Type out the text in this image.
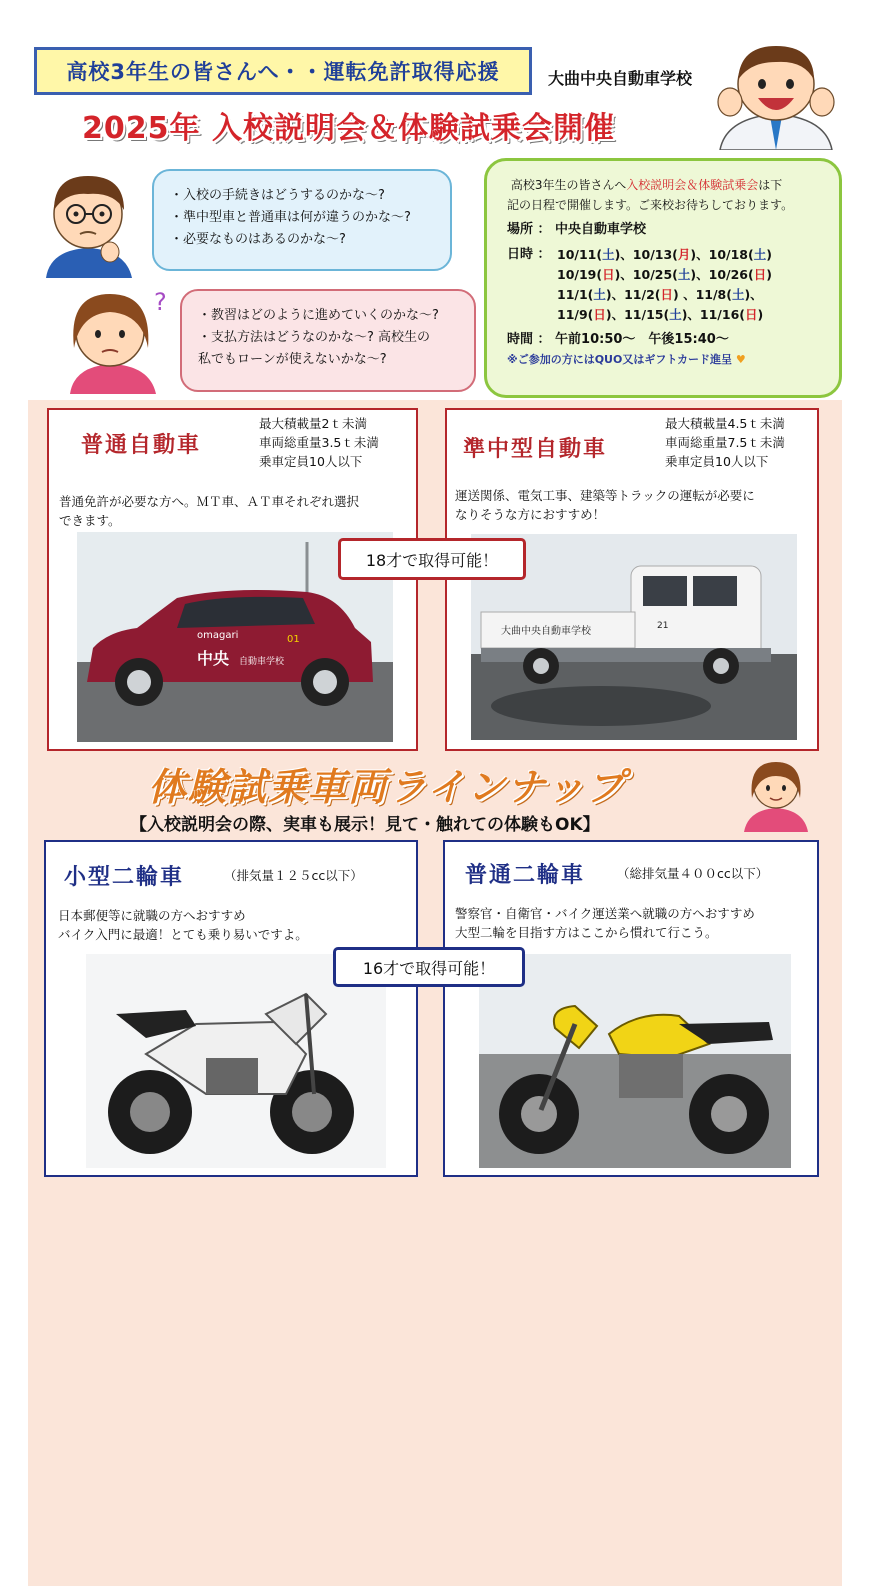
高校3年生の皆さんへ・・運転免許取得応援	大曲中央自動車学校
2025年 入校説明会＆体験試乗会開催
?
・入校の手続きはどうするのかな～?
・準中型車と普通車は何が違うのかな～?
・必要なものはあるのかな～?
・教習はどのように進めていくのかな～?
・支払方法はどうなのかな～? 高校生の
私でもローンが使えないかな～?
高校3年生の皆さんへ入校説明会＆体験試乗会は下
記の日程で開催します。ご来校お待ちしております。
場所 ： 中央自動車学校
日時 ： 10/11(土)、10/13(月)、10/18(土)
10/19(日)、10/25(土)、10/26(日)
11/1(土)、11/2(日) 、11/8(土)、
11/9(日)、11/15(土)、11/16(日)
時間 ： 午前10:50～　午後15:40～
※ご参加の方にはQUO又はギフトカード進呈 ♥
普通自動車
最大積載量2ｔ未満
車両総重量3.5ｔ未満
乗車定員10人以下
普通免許が必要な方へ。ＭＴ車、ＡＴ車それぞれ選択
できます。
omagari
中央 自動車学校
01
準中型自動車
最大積載量4.5ｔ未満
車両総重量7.5ｔ未満
乗車定員10人以下
運送関係、電気工事、建築等トラックの運転が必要に
なりそうな方におすすめ！
大曲中央自動車学校	21
18才で取得可能！
体験試乗車両ラインナップ
【入校説明会の際、実車も展示！見て・触れての体験もOK】
小型二輪車	（排気量１２５cc以下）
日本郵便等に就職の方へおすすめ
バイク入門に最適！とても乗り易いですよ。
普通二輪車	（総排気量４００cc以下）
警察官・自衛官・バイク運送業へ就職の方へおすすめ
大型二輪を目指す方はここから慣れて行こう。
16才で取得可能！
